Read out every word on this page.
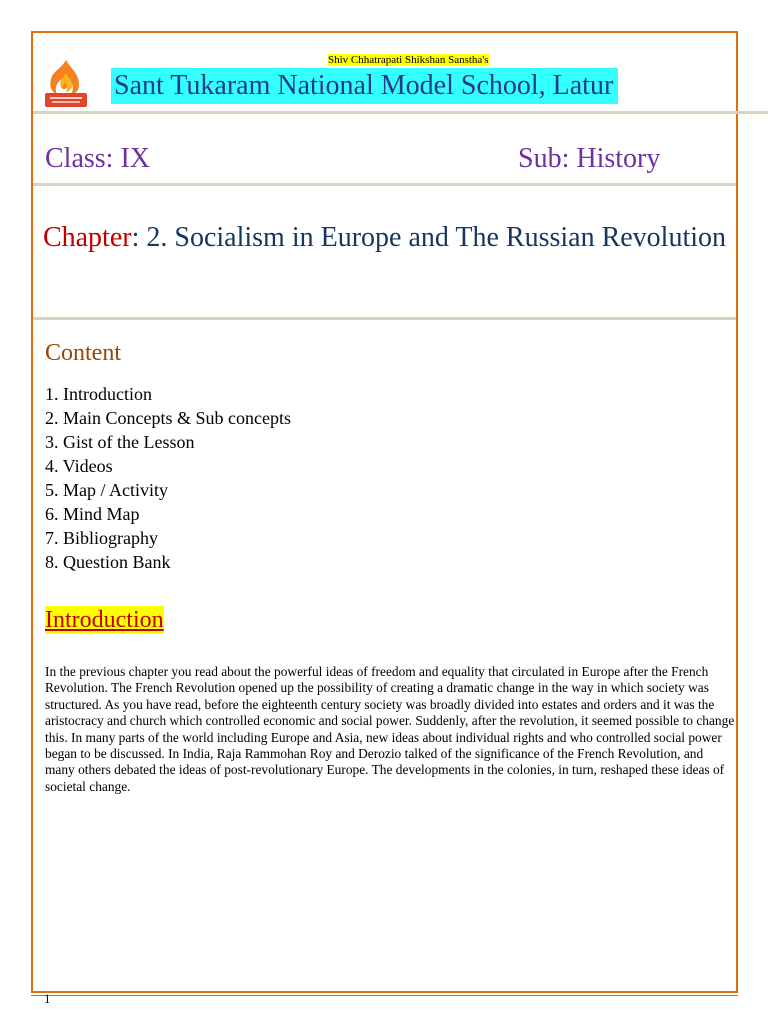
Shiv Chhatrapati Shikshan Sanstha's
Sant Tukaram National Model School, Latur
Class: IX	Sub: History
Chapter: 2. Socialism in Europe and The Russian Revolution
Content
1. Introduction
2. Main Concepts & Sub concepts
3. Gist of the Lesson
4. Videos
5. Map / Activity
6. Mind Map
7. Bibliography
8. Question Bank
Introduction

In the previous chapter you read about the powerful ideas of freedom and equality that circulated in Europe after the French Revolution. The French Revolution opened up the possibility of creating a dramatic change in the way in which society was structured. As you have read, before the eighteenth century society was broadly divided into estates and orders and it was the aristocracy and church which controlled economic and social power. Suddenly, after the revolution, it seemed possible to change this. In many parts of the world including Europe and Asia, new ideas about individual rights and who controlled social power began to be discussed. In India, Raja Rammohan Roy and Derozio talked of the significance of the French Revolution, and many others debated the ideas of post-revolutionary Europe. The developments in the colonies, in turn, reshaped these ideas of societal change.

1
